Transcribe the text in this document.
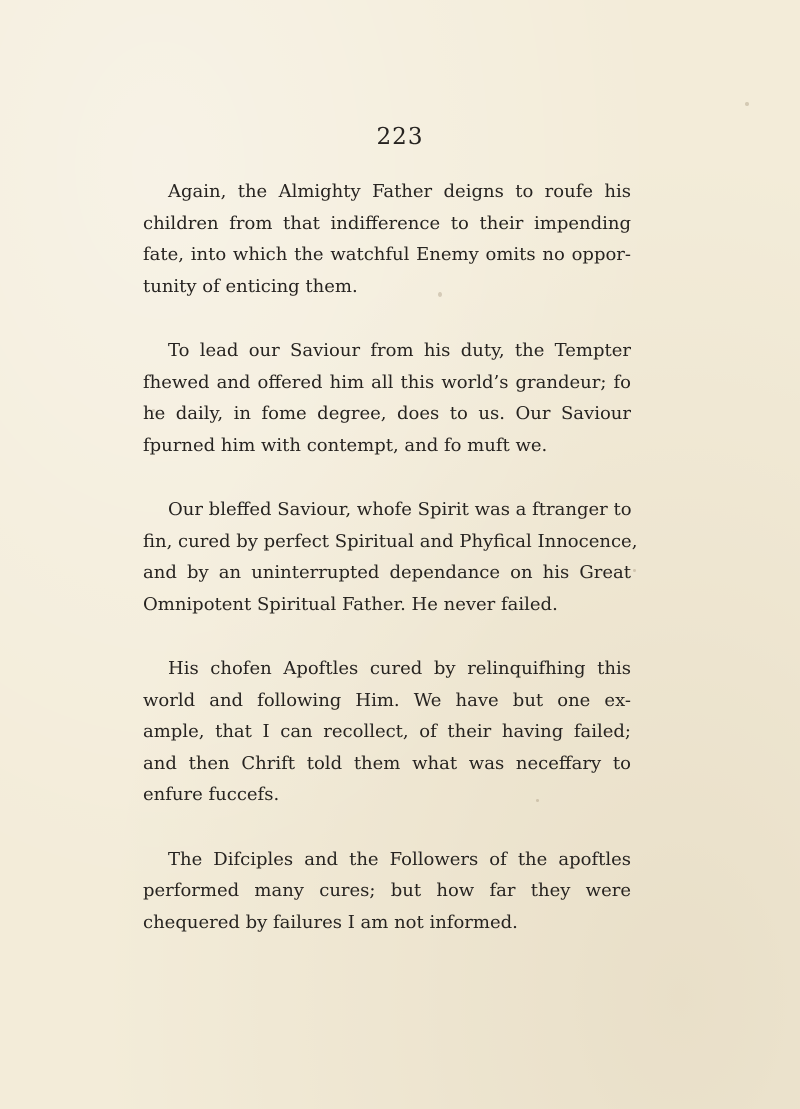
223

Again, the Almighty Father deigns to roufe his
children from that indifference to their impending
fate, into which the watchful Enemy omits no oppor-
tunity of enticing them.
To lead our Saviour from his duty, the Tempter
fhewed and offered him all this world’s grandeur; fo
he daily, in fome degree, does to us. Our Saviour
fpurned him with contempt, and fo muft we.
Our bleffed Saviour, whofe Spirit was a ftranger to
fin, cured by perfect Spiritual and Phyfical Innocence,
and by an uninterrupted dependance on his Great
Omnipotent Spiritual Father. He never failed.
His chofen Apoftles cured by relinquifhing this
world and following Him. We have but one ex-
ample, that I can recollect, of their having failed;
and then Chrift told them what was neceffary to
enfure fuccefs.
The Difciples and the Followers of the apoftles
performed many cures; but how far they were
chequered by failures I am not informed.
